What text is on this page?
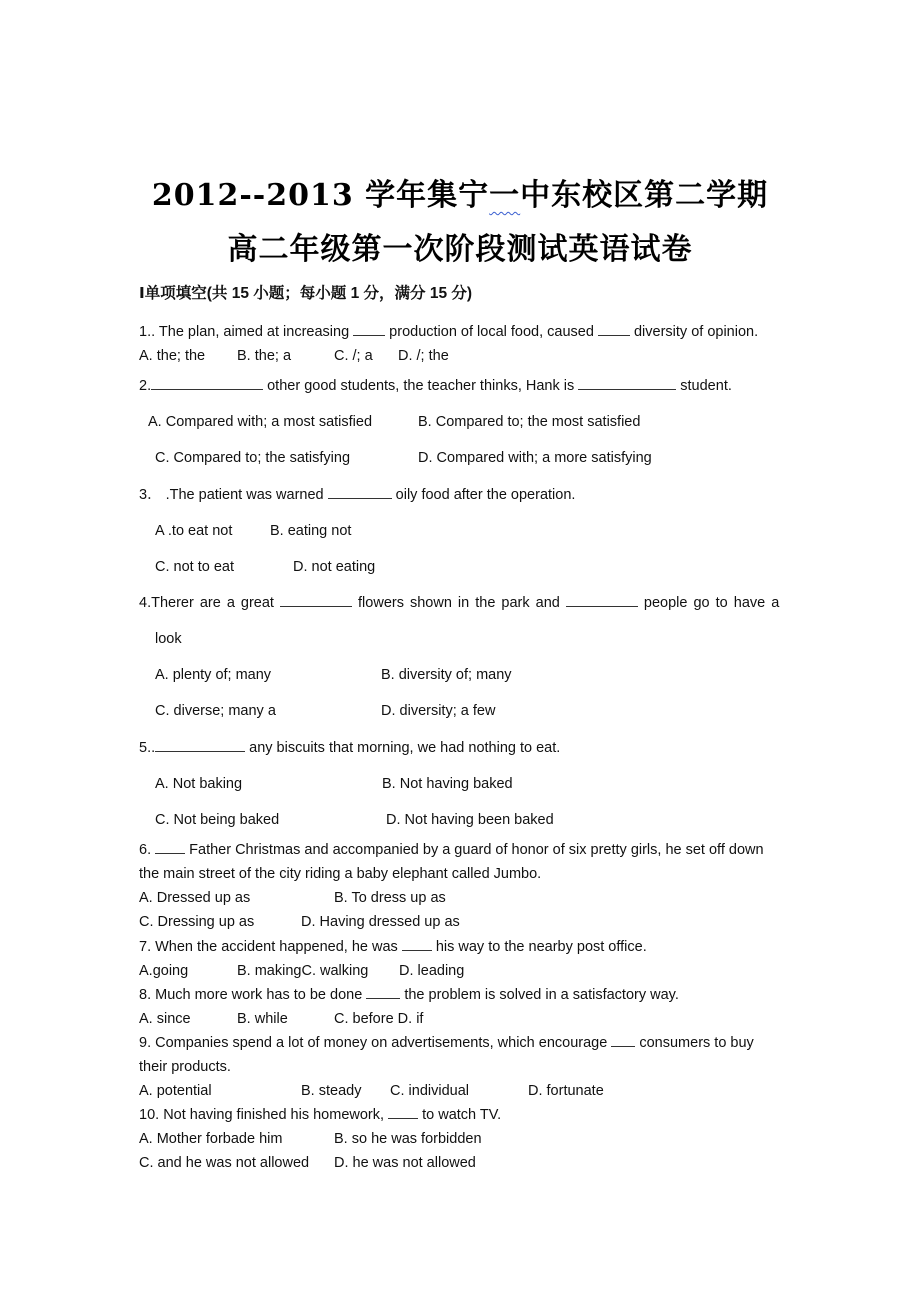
2012--2013 学年集宁一中东校区第二学期
高二年级第一次阶段测试英语试卷
Ⅰ单项填空(共 15 小题；每小题 1 分，满分 15 分)
1.. The plan, aimed at increasing  production of local food, caused  diversity of opinion.
A. the; the B. the; a	C. /; a D. /; the
2.	other good students, the teacher thinks, Hank is	student.
A. Compared with; a most satisfied	B. Compared to; the most satisfied
C. Compared to; the satisfying	D. Compared with; a more satisfying
3． .The patient was warned	oily food after the operation.
A .to eat not	B. eating not
C. not to eat	D. not eating
4.Therer are a great	flowers shown in the park and	people go to have a
look
A. plenty of; many	B. diversity of; many
C. diverse; many a	D. diversity; a few
5..	any biscuits that morning, we had nothing to eat.
A. Not baking	B. Not having baked
C. Not being baked	D. Not having been baked
6.  Father Christmas and accompanied by a guard of honor of six pretty girls, he set off down
the main street of the city riding a baby elephant called Jumbo.
A. Dressed up as	B. To dress up as
C. Dressing up as	D. Having dressed up as
7. When the accident happened, he was  his way to the nearby post office.
A.going	B. makingC. walking D. leading
8. Much more work has to be done  the problem is solved in a satisfactory way.
A. since	B. while	C. before D. if
9. Companies spend a lot of money on advertisements, which encourage  consumers to buy
their products.
A. potential	B. steady C. individual	D. fortunate
10. Not having finished his homework,  to watch TV.
A. Mother forbade him	B. so he was forbidden
C. and he was not allowed D. he was not allowed
